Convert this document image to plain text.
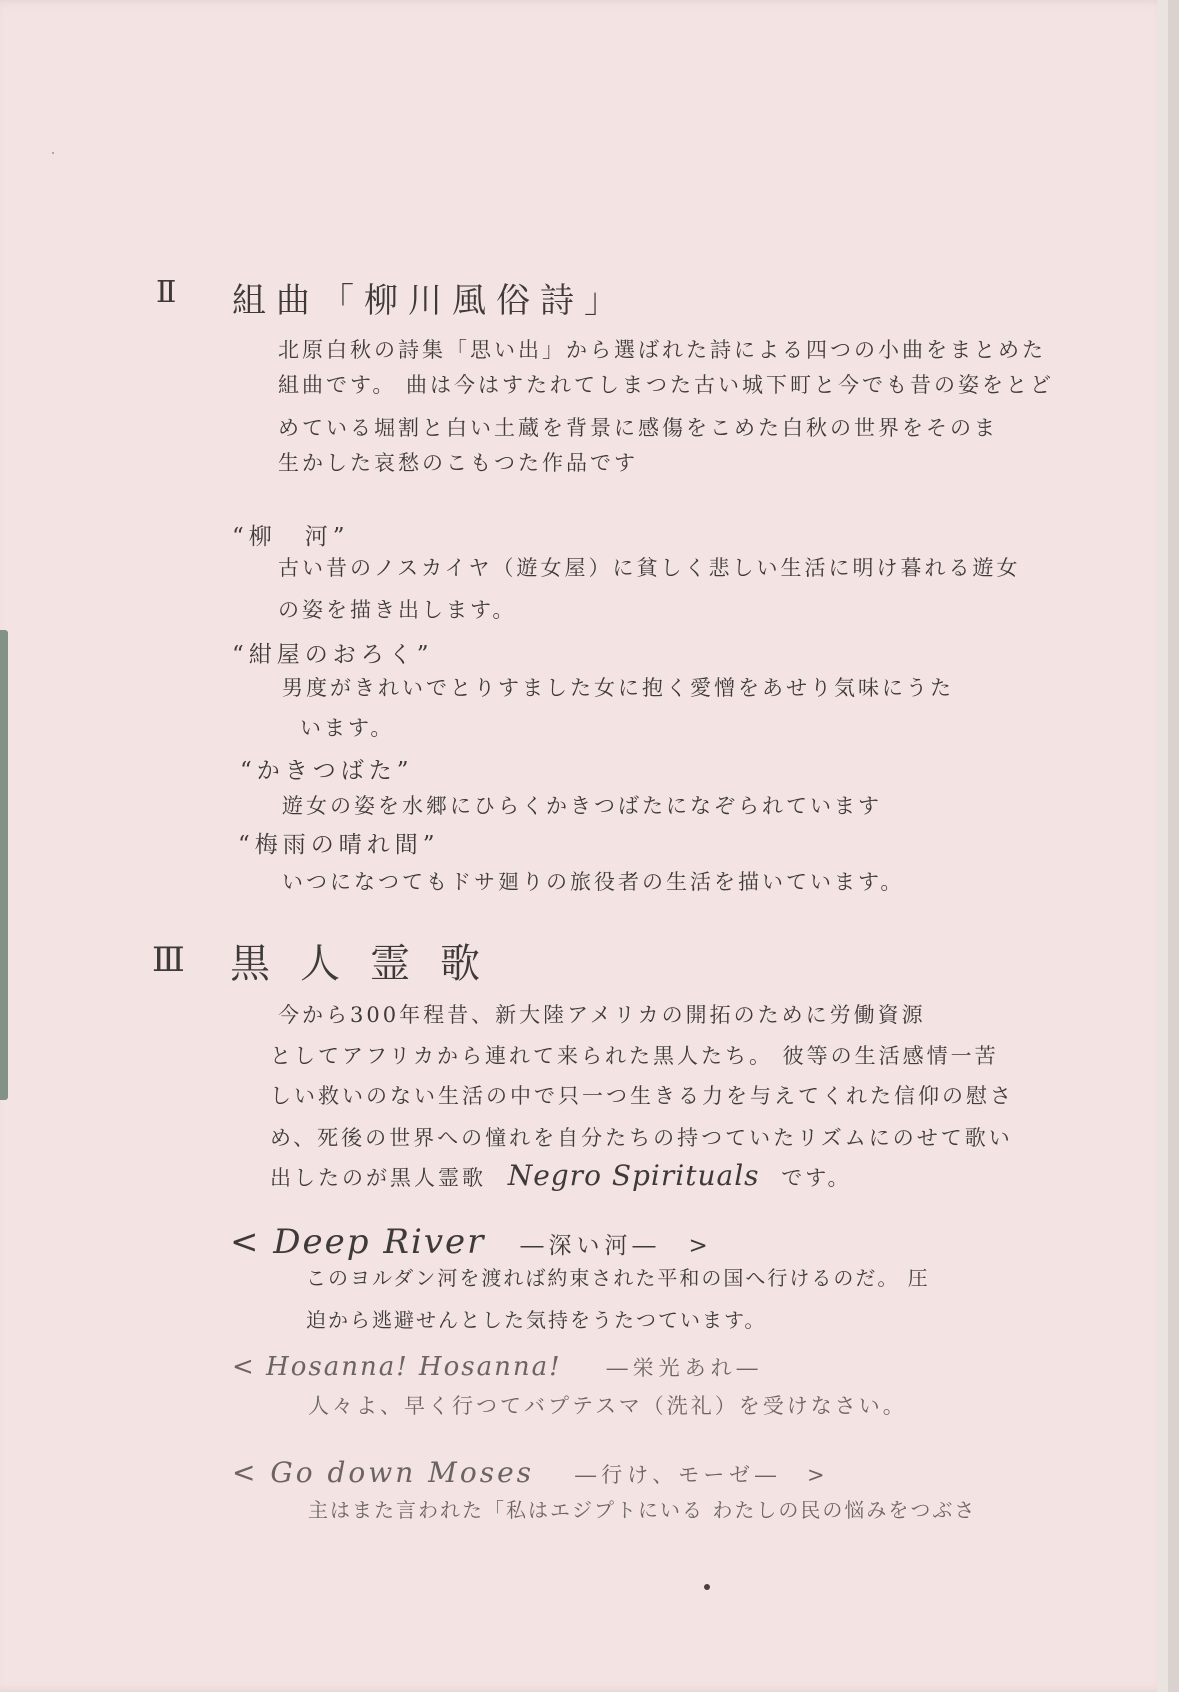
Ⅱ 組曲「柳川風俗詩」
北原白秋の詩集「思い出」から選ばれた詩による四つの小曲をまとめた
組曲です。 曲は今はすたれてしまつた古い城下町と今でも昔の姿をとど
めている堀割と白い土蔵を背景に感傷をこめた白秋の世界をそのま
生かした哀愁のこもつた作品です
“柳　河”
古い昔のノスカイヤ（遊女屋）に貧しく悲しい生活に明け暮れる遊女
の姿を描き出します。
“紺屋のおろく”
男度がきれいでとりすました女に抱く愛憎をあせり気味にうた
います。
“かきつばた”
遊女の姿を水郷にひらくかきつばたになぞられています
“梅雨の晴れ間”
いつになつてもドサ廻りの旅役者の生活を描いています。
Ⅲ 黒人霊歌
今から300年程昔、新大陸アメリカの開拓のために労働資源
としてアフリカから連れて来られた黒人たち。 彼等の生活感情一苦
しい救いのない生活の中で只一つ生きる力を与えてくれた信仰の慰さ
め、死後の世界への憧れを自分たちの持つていたリズムにのせて歌い
出したのが黒人霊歌 Negro Spirituals です。
< Deep River ―深い河―　>
このヨルダン河を渡れば約束された平和の国へ行けるのだ。 圧
迫から逃避せんとした気持をうたつています。
< Hosanna! Hosanna! ―栄光あれ―
人々よ、早く行つてバプテスマ（洗礼）を受けなさい。
< Go down Moses ―行け、モーゼ―　>
主はまた言われた「私はエジプトにいる わたしの民の悩みをつぶさ
